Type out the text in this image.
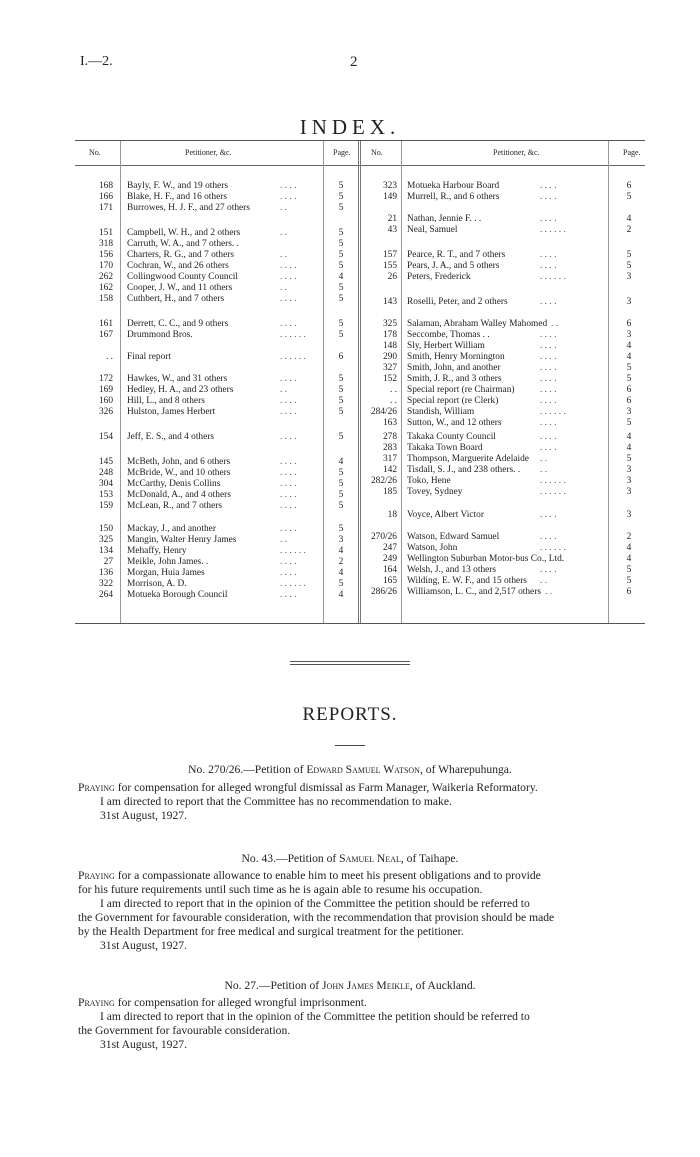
I.—2.	2
INDEX.
No.	Petitioner, &c.	Page.	No.	Petitioner, &c.	Page.
168 Bayly, F. W., and 19 others	. . . .	5
166 Blake, H. F., and 16 others	. . . .	5
171 Burrowes, H. J. F., and 27 others	. .	5
151 Campbell, W. H., and 2 others	. .	5
318 Carruth, W. A., and 7 others. .	5
156 Charters, R. G., and 7 others	. .	5
170 Cochran, W., and 26 others	. . . .	5
262 Collingwood County Council	. . . .	4
162 Cooper, J. W., and 11 others	. .	5
158 Cuthbert, H., and 7 others	. . . .	5
161 Derrett, C. C., and 9 others	. . . .	5
167 Drummond Bros.	. . . . . .	5
. . Final report	. . . . . .	6
172 Hawkes, W., and 31 others	. . . .	5
169 Hedley, H. A., and 23 others	. .	5
160 Hill, L., and 8 others	. . . .	5
326 Hulston, James Herbert	. . . .	5
154 Jeff, E. S., and 4 others	. . . .	5
145 McBeth, John, and 6 others	. . . .	4
248 McBride, W., and 10 others	. . . .	5
304 McCarthy, Denis Collins	. . . .	5
153 McDonald, A., and 4 others	. . . .	5
159 McLean, R., and 7 others	. . . .	5
150 Mackay, J., and another	. . . .	5
325 Mangin, Walter Henry James	. .	3
134 Mehaffy, Henry	. . . . . .	4
27 Meikle, John James. .	. . . .	2
136 Morgan, Huia James	. . . .	4
322 Morrison, A. D.	. . . . . .	5
264 Motueka Borough Council	. . . .	4
323 Motueka Harbour Board	. . . .	6
149 Murrell, R., and 6 others	. . . .	5
21 Nathan, Jennie F. . .	. . . .	4
43 Neal, Samuel	. . . . . .	2
157 Pearce, R. T., and 7 others	. . . .	5
155 Pears, J. A., and 5 others	. . . .	5
26 Peters, Frederick	. . . . . .	3
143 Roselli, Peter, and 2 others	. . . .	3
325 Salaman, Abraham Walley Mahomed . .	6
178 Seccombe, Thomas . .	. . . .	3
148 Sly, Herbert William	. . . .	4
290 Smith, Henry Mornington	. . . .	4
327 Smith, John, and another	. . . .	5
152 Smith, J. R., and 3 others	. . . .	5
. . Special report (re Chairman)	. . . .	6
. . Special report (re Clerk)	. . . .	6
284/26 Standish, William	. . . . . .	3
163 Sutton, W., and 12 others	. . . .	5
278 Takaka County Council	. . . .	4
283 Takaka Town Board	. . . .	4
317 Thompson, Marguerite Adelaide . .	5
142 Tisdall, S. J., and 238 others. . . .	3
282/26 Toko, Hene	. . . . . .	3
185 Tovey, Sydney	. . . . . .	3
18 Voyce, Albert Victor	. . . .	3
270/26 Watson, Edward Samuel	. . . .	2
247 Watson, John	. . . . . .	4
249 Wellington Suburban Motor-bus Co., Ltd.	4
164 Welsh, J., and 13 others	. . . .	5
165 Wilding, E. W. F., and 15 others . .	5
286/26 Williamson, L. C., and 2,517 others . .	6
REPORTS.
No. 270/26.—Petition of Edward Samuel Watson, of Wharepuhunga.
Praying for compensation for alleged wrongful dismissal as Farm Manager, Waikeria Reformatory.
I am directed to report that the Committee has no recommendation to make.
31st August, 1927.
No. 43.—Petition of Samuel Neal, of Taihape.
Praying for a compassionate allowance to enable him to meet his present obligations and to provide
for his future requirements until such time as he is again able to resume his occupation.
I am directed to report that in the opinion of the Committee the petition should be referred to
the Government for favourable consideration, with the recommendation that provision should be made
by the Health Department for free medical and surgical treatment for the petitioner.
31st August, 1927.
No. 27.—Petition of John James Meikle, of Auckland.
Praying for compensation for alleged wrongful imprisonment.
I am directed to report that in the opinion of the Committee the petition should be referred to
the Government for favourable consideration.
31st August, 1927.
